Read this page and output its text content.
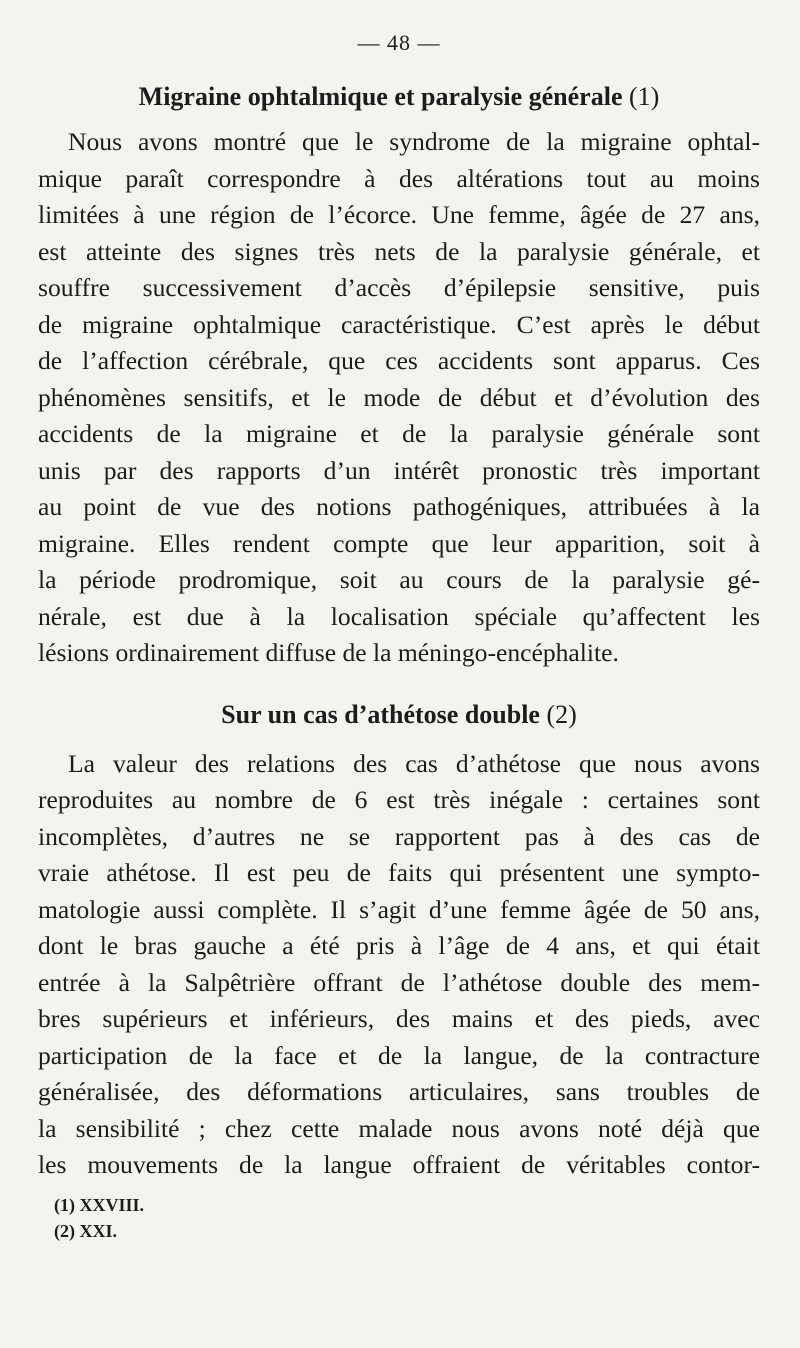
— 48 —
Migraine ophtalmique et paralysie générale (1)
Nous avons montré que le syndrome de la migraine ophtal-
mique paraît correspondre à des altérations tout au moins
limitées à une région de l’écorce. Une femme, âgée de 27 ans,
est atteinte des signes très nets de la paralysie générale, et
souffre successivement d’accès d’épilepsie sensitive, puis
de migraine ophtalmique caractéristique. C’est après le début
de l’affection cérébrale, que ces accidents sont apparus. Ces
phénomènes sensitifs, et le mode de début et d’évolution des
accidents de la migraine et de la paralysie générale sont
unis par des rapports d’un intérêt pronostic très important
au point de vue des notions pathogéniques, attribuées à la
migraine. Elles rendent compte que leur apparition, soit à
la période prodromique, soit au cours de la paralysie gé-
nérale, est due à la localisation spéciale qu’affectent les
lésions ordinairement diffuse de la méningo-encéphalite.
Sur un cas d’athétose double (2)
La valeur des relations des cas d’athétose que nous avons
reproduites au nombre de 6 est très inégale : certaines sont
incomplètes, d’autres ne se rapportent pas à des cas de
vraie athétose. Il est peu de faits qui présentent une sympto-
matologie aussi complète. Il s’agit d’une femme âgée de 50 ans,
dont le bras gauche a été pris à l’âge de 4 ans, et qui était
entrée à la Salpêtrière offrant de l’athétose double des mem-
bres supérieurs et inférieurs, des mains et des pieds, avec
participation de la face et de la langue, de la contracture
généralisée, des déformations articulaires, sans troubles de
la sensibilité ; chez cette malade nous avons noté déjà que
les mouvements de la langue offraient de véritables contor-
(1) XXVIII.
(2) XXI.
